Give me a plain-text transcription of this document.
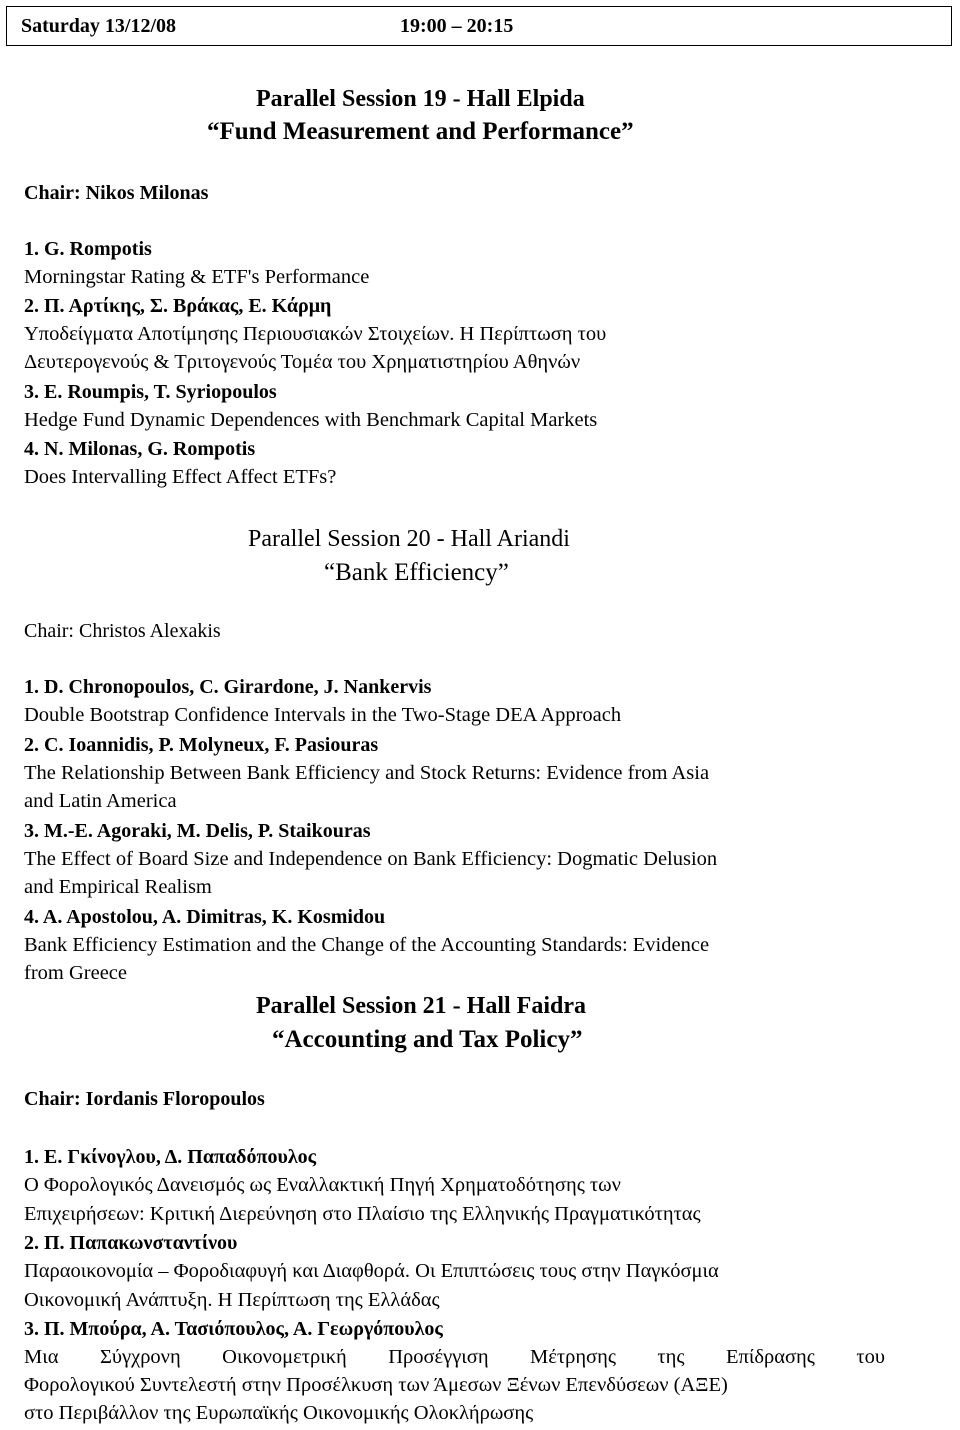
Saturday 13/12/08	19:00 – 20:15
Parallel Session 19 - Hall Elpida
“Fund Measurement and Performance”
Chair: Nikos Milonas
1. G. Rompotis
Morningstar Rating & ETF's Performance
2. Π. Αρτίκης, Σ. Βράκας, Ε. Κάρμη
Υποδείγματα Αποτίμησης Περιουσιακών Στοιχείων. Η Περίπτωση του
Δευτερογενούς & Τριτογενούς Τομέα του Χρηματιστηρίου Αθηνών
3. E. Roumpis, T. Syriopoulos
Hedge Fund Dynamic Dependences with Benchmark Capital Markets
4. N. Milonas, G. Rompotis
Does Intervalling Effect Affect ETFs?
Parallel Session 20 - Hall Ariandi
“Bank Efficiency”
Chair: Christos Alexakis
1. D. Chronopoulos, C. Girardone, J. Nankervis
Double Bootstrap Confidence Intervals in the Two-Stage DEA Approach
2. C. Ioannidis, P. Molyneux, F. Pasiouras
The Relationship Between Bank Efficiency and Stock Returns: Evidence from Asia
and Latin America
3. M.-E. Agoraki, M. Delis, P. Staikouras
The Effect of Board Size and Independence on Bank Efficiency: Dogmatic Delusion
and Empirical Realism
4. A. Apostolou, A. Dimitras, K. Kosmidou
Bank Efficiency Estimation and the Change of the Accounting Standards: Evidence
from Greece
Parallel Session 21 - Hall Faidra
“Accounting and Tax Policy”
Chair: Iordanis Floropoulos
1. Ε. Γκίνογλου, Δ. Παπαδόπουλος
Ο Φορολογικός Δανεισμός ως Εναλλακτική Πηγή Χρηματοδότησης των
Επιχειρήσεων: Κριτική Διερεύνηση στο Πλαίσιο της Ελληνικής Πραγματικότητας
2. Π. Παπακωνσταντίνου
Παραοικονομία – Φοροδιαφυγή και Διαφθορά. Οι Επιπτώσεις τους στην Παγκόσμια
Οικονομική Ανάπτυξη. Η Περίπτωση της Ελλάδας
3. Π. Μπούρα, Α. Τασιόπουλος, Α. Γεωργόπουλος
Μια Σύγχρονη Οικονομετρική Προσέγγιση Μέτρησης της Επίδρασης του
Φορολογικού Συντελεστή στην Προσέλκυση των Άμεσων Ξένων Επενδύσεων (ΑΞΕ)
στο Περιβάλλον της Ευρωπαϊκής Οικονομικής Ολοκλήρωσης
